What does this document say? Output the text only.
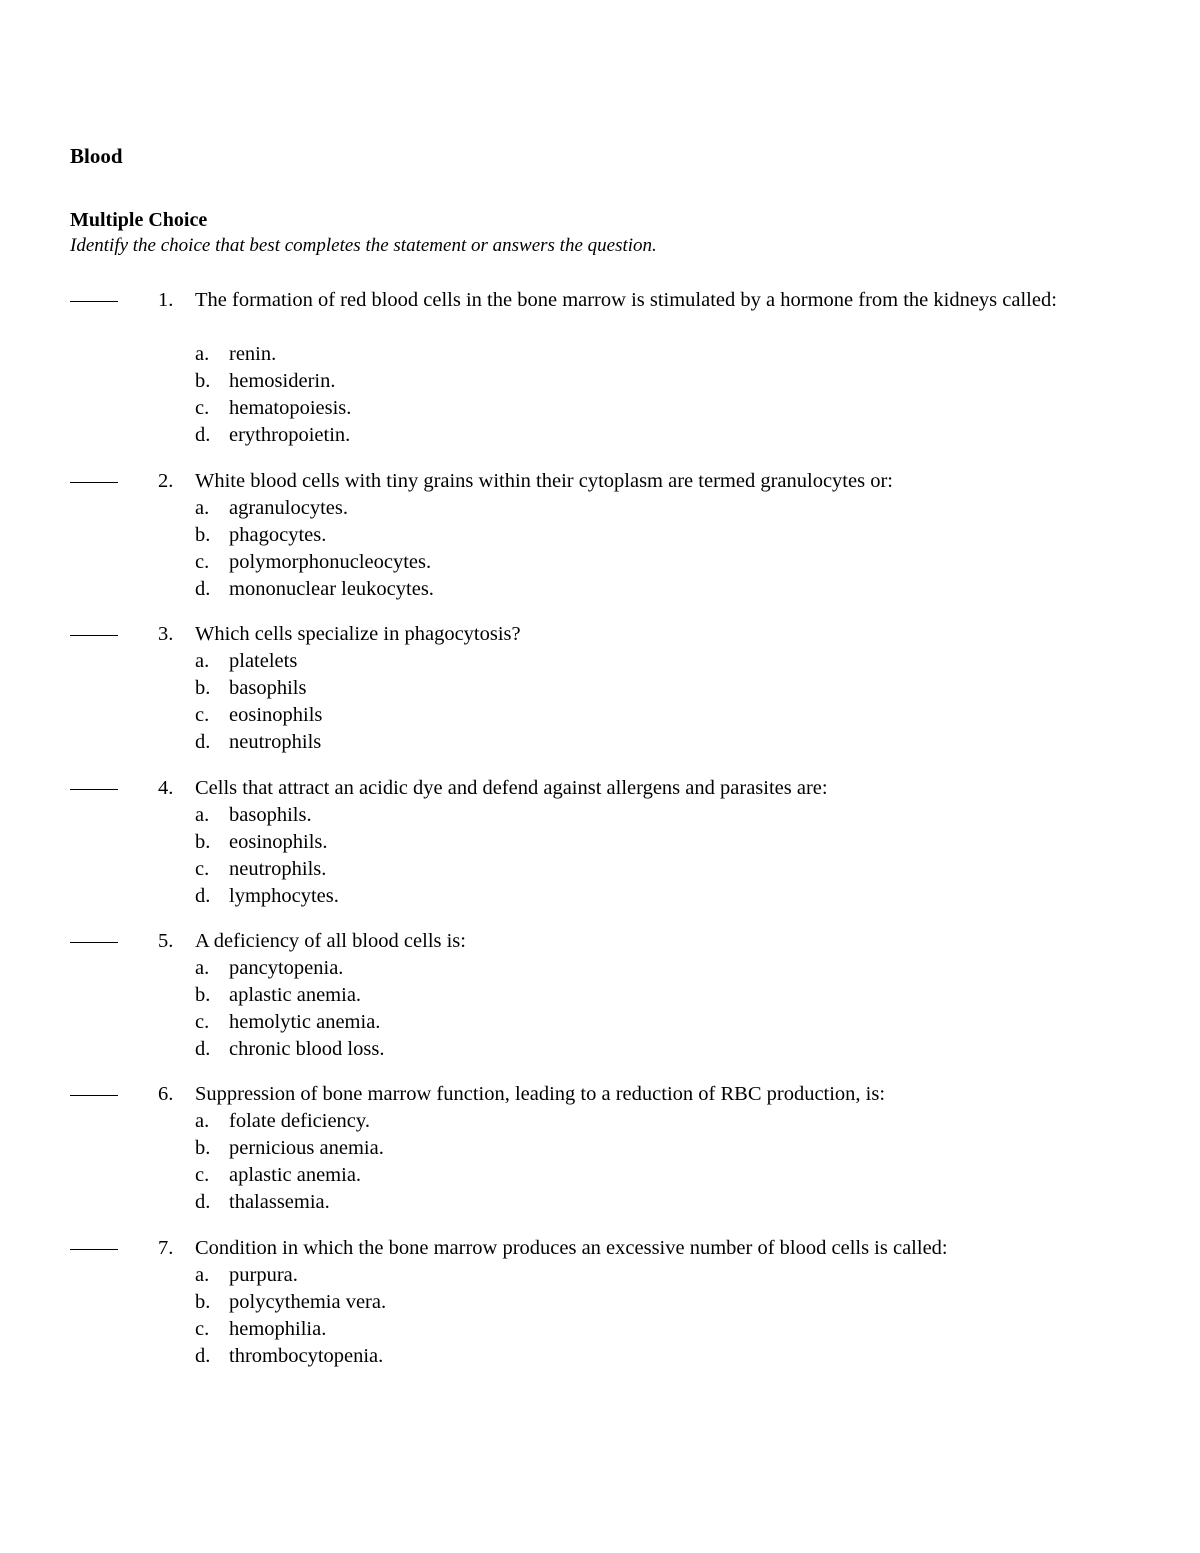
Blood
Multiple Choice

Identify the choice that best completes the statement or answers the question.

1.	The formation of red blood cells in the bone marrow is stimulated by a hormone from the kidneys called:

a. renin.
b. hemosiderin.
c. hematopoiesis.
d. erythropoietin.
2.	White blood cells with tiny grains within their cytoplasm are termed granulocytes or:

a. agranulocytes.
b. phagocytes.
c. polymorphonucleocytes.
d. mononuclear leukocytes.
3.	Which cells specialize in phagocytosis?

a. platelets
b. basophils
c. eosinophils
d. neutrophils
4.	Cells that attract an acidic dye and defend against allergens and parasites are:

a. basophils.
b. eosinophils.
c. neutrophils.
d. lymphocytes.
5.	A deficiency of all blood cells is:

a. pancytopenia.
b. aplastic anemia.
c. hemolytic anemia.
d. chronic blood loss.
6.	Suppression of bone marrow function, leading to a reduction of RBC production, is:

a. folate deficiency.
b. pernicious anemia.
c. aplastic anemia.
d. thalassemia.
7.	Condition in which the bone marrow produces an excessive number of blood cells is called:

a. purpura.
b. polycythemia vera.
c. hemophilia.
d. thrombocytopenia.
